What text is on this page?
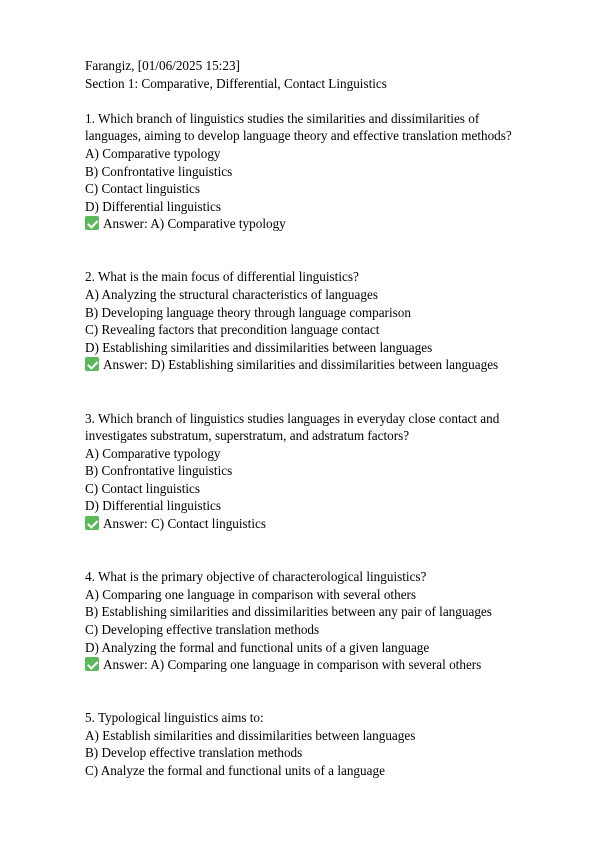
Farangiz, [01/06/2025 15:23]
Section 1: Comparative, Differential, Contact Linguistics
1. Which branch of linguistics studies the similarities and dissimilarities of
languages, aiming to develop language theory and effective translation methods?
A) Comparative typology
B) Confrontative linguistics
C) Contact linguistics
D) Differential linguistics
Answer: A) Comparative typology
2. What is the main focus of differential linguistics?
A) Analyzing the structural characteristics of languages
B) Developing language theory through language comparison
C) Revealing factors that precondition language contact
D) Establishing similarities and dissimilarities between languages
Answer: D) Establishing similarities and dissimilarities between languages
3. Which branch of linguistics studies languages in everyday close contact and
investigates substratum, superstratum, and adstratum factors?
A) Comparative typology
B) Confrontative linguistics
C) Contact linguistics
D) Differential linguistics
Answer: C) Contact linguistics
4. What is the primary objective of characterological linguistics?
A) Comparing one language in comparison with several others
B) Establishing similarities and dissimilarities between any pair of languages
C) Developing effective translation methods
D) Analyzing the formal and functional units of a given language
Answer: A) Comparing one language in comparison with several others
5. Typological linguistics aims to:
A) Establish similarities and dissimilarities between languages
B) Develop effective translation methods
C) Analyze the formal and functional units of a language
